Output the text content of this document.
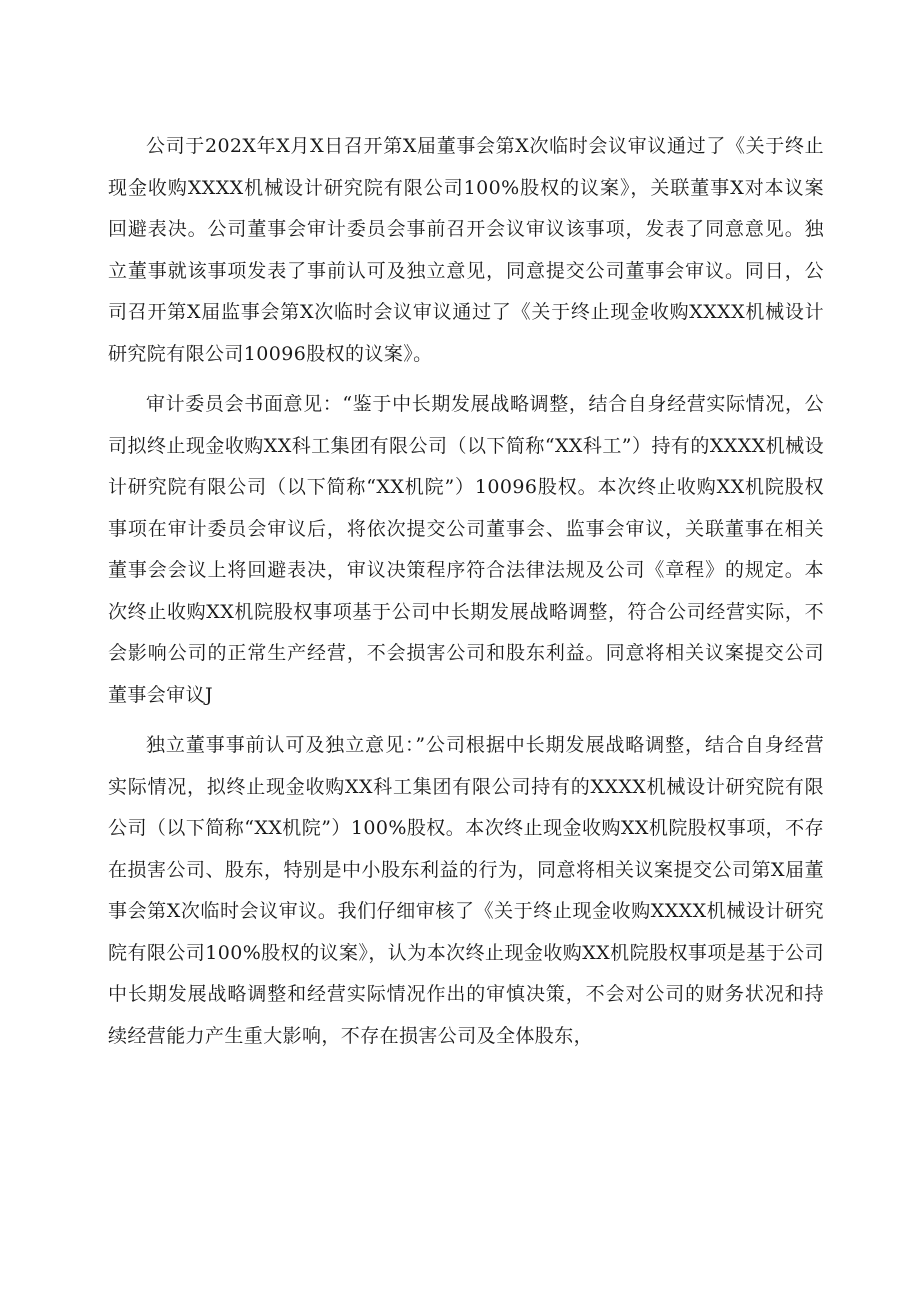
公司于202X年X月X日召开第X届董事会第X次临时会议审议通过了《关于终止现金收购XXXX机械设计研究院有限公司100%股权的议案》，关联董事X对本议案回避表决。公司董事会审计委员会事前召开会议审议该事项，发表了同意意见。独立董事就该事项发表了事前认可及独立意见，同意提交公司董事会审议。同日，公司召开第X届监事会第X次临时会议审议通过了《关于终止现金收购XXXX机械设计研究院有限公司10096股权的议案》。

审计委员会书面意见：“鉴于中长期发展战略调整，结合自身经营实际情况，公司拟终止现金收购XX科工集团有限公司（以下简称“XX科工”）持有的XXXX机械设计研究院有限公司（以下简称“XX机院”）10096股权。本次终止收购XX机院股权事项在审计委员会审议后，将依次提交公司董事会、监事会审议，关联董事在相关董事会会议上将回避表决，审议决策程序符合法律法规及公司《章程》的规定。本次终止收购XX机院股权事项基于公司中长期发展战略调整，符合公司经营实际，不会影响公司的正常生产经营，不会损害公司和股东利益。同意将相关议案提交公司董事会审议J

独立董事事前认可及独立意见：”公司根据中长期发展战略调整，结合自身经营实际情况，拟终止现金收购XX科工集团有限公司持有的XXXX机械设计研究院有限公司（以下简称“XX机院”）100%股权。本次终止现金收购XX机院股权事项，不存在损害公司、股东，特别是中小股东利益的行为，同意将相关议案提交公司第X届董事会第X次临时会议审议。我们仔细审核了《关于终止现金收购XXXX机械设计研究院有限公司100%股权的议案》，认为本次终止现金收购XX机院股权事项是基于公司中长期发展战略调整和经营实际情况作出的审慎决策，不会对公司的财务状况和持续经营能力产生重大影响，不存在损害公司及全体股东，
